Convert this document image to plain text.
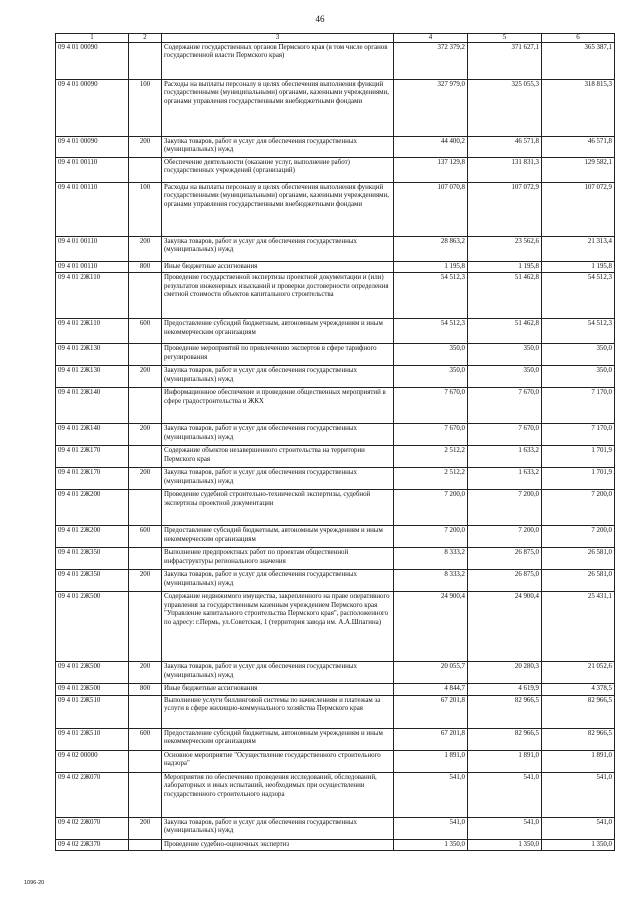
46
1	2	3	4	5	6
09 4 01 00090		Содержание государственных органов Пермского края (в том числе органов государственной власти Пермского края)	372 379,2	371 627,1	365 387,1
09 4 01 00090	100	Расходы на выплаты персоналу в целях обеспечения выполнения функций государственными (муниципальными) органами, казенными учреждениями, органами управления государственными внебюджетными фондами	327 979,0	325 055,3	318 815,3
09 4 01 00090	200	Закупка товаров, работ и услуг для обеспечения государственных (муниципальных) нужд	44 400,2	46 571,8	46 571,8
09 4 01 00110		Обеспечение деятельности (оказание услуг, выполнение работ) государственных учреждений (организаций)	137 129,8	131 831,3	129 582,1
09 4 01 00110	100	Расходы на выплаты персоналу в целях обеспечения выполнения функций государственными (муниципальными) органами, казенными учреждениями, органами управления государственными внебюджетными фондами	107 070,8	107 072,9	107 072,9
09 4 01 00110	200	Закупка товаров, работ и услуг для обеспечения государственных (муниципальных) нужд	28 863,2	23 562,6	21 313,4
09 4 01 00110	800	Иные бюджетные ассигнования	1 195,8	1 195,8	1 195,8
09 4 01 2Ж110		Проведение государственной экспертизы проектной документации и (или) результатов инженерных изысканий и проверки достоверности определения сметной стоимости объектов капитального строительства	54 512,3	51 462,8	54 512,3
09 4 01 2Ж110	600	Предоставление субсидий бюджетным, автономным учреждениям и иным некоммерческим организациям	54 512,3	51 462,8	54 512,3
09 4 01 2Ж130		Проведение мероприятий по привлечению экспертов в сфере тарифного регулирования	350,0	350,0	350,0
09 4 01 2Ж130	200	Закупка товаров, работ и услуг для обеспечения государственных (муниципальных) нужд	350,0	350,0	350,0
09 4 01 2Ж140		Информационное обеспечение и проведение общественных мероприятий в сфере градостроительства и ЖКХ	7 670,0	7 670,0	7 170,0
09 4 01 2Ж140	200	Закупка товаров, работ и услуг для обеспечения государственных (муниципальных) нужд	7 670,0	7 670,0	7 170,0
09 4 01 2Ж170		Содержание объектов незавершенного строительства на территории Пермского края	2 512,2	1 633,2	1 701,9
09 4 01 2Ж170	200	Закупка товаров, работ и услуг для обеспечения государственных (муниципальных) нужд	2 512,2	1 633,2	1 701,9
09 4 01 2Ж200		Проведение судебной строительно-технической экспертизы, судебной экспертизы проектной документации	7 200,0	7 200,0	7 200,0
09 4 01 2Ж200	600	Предоставление субсидий бюджетным, автономным учреждениям и иным некоммерческим организациям	7 200,0	7 200,0	7 200,0
09 4 01 2Ж350		Выполнение предпроектных работ по проектам общественной инфраструктуры регионального значения	8 333,2	26 875,0	26 581,0
09 4 01 2Ж350	200	Закупка товаров, работ и услуг для обеспечения государственных (муниципальных) нужд	8 333,2	26 875,0	26 581,0
09 4 01 2Ж500		Содержание недвижимого имущества, закрепленного на праве оперативного управления за государственным казенным учреждением Пермского края "Управление капитального строительства Пермского края", расположенного по адресу: г.Пермь, ул.Советская, 1 (территория завода им. А.А.Шпагина)	24 900,4	24 900,4	25 431,1
09 4 01 2Ж500	200	Закупка товаров, работ и услуг для обеспечения государственных (муниципальных) нужд	20 055,7	20 280,3	21 052,6
09 4 01 2Ж500	800	Иные бюджетные ассигнования	4 844,7	4 619,9	4 378,5
09 4 01 2Ж510		Выполнение услуги биллинговой системы по начислениям и платежам за услуги в сфере жилищно-коммунального хозяйства Пермского края	67 201,8	82 966,5	82 966,5
09 4 01 2Ж510	600	Предоставление субсидий бюджетным, автономным учреждениям и иным некоммерческим организациям	67 201,8	82 966,5	82 966,5
09 4 02 00000		Основное мероприятие "Осуществление государственного строительного надзора"	1 891,0	1 891,0	1 891,0
09 4 02 2Ж070		Мероприятия по обеспечению проведения исследований, обследований, лабораторных и иных испытаний, необходимых при осуществлении государственного строительного надзора	541,0	541,0	541,0
09 4 02 2Ж070	200	Закупка товаров, работ и услуг для обеспечения государственных (муниципальных) нужд	541,0	541,0	541,0
09 4 02 2Ж370		Проведение судебно-оценочных экспертиз	1 350,0	1 350,0	1 350,0
1096-20
